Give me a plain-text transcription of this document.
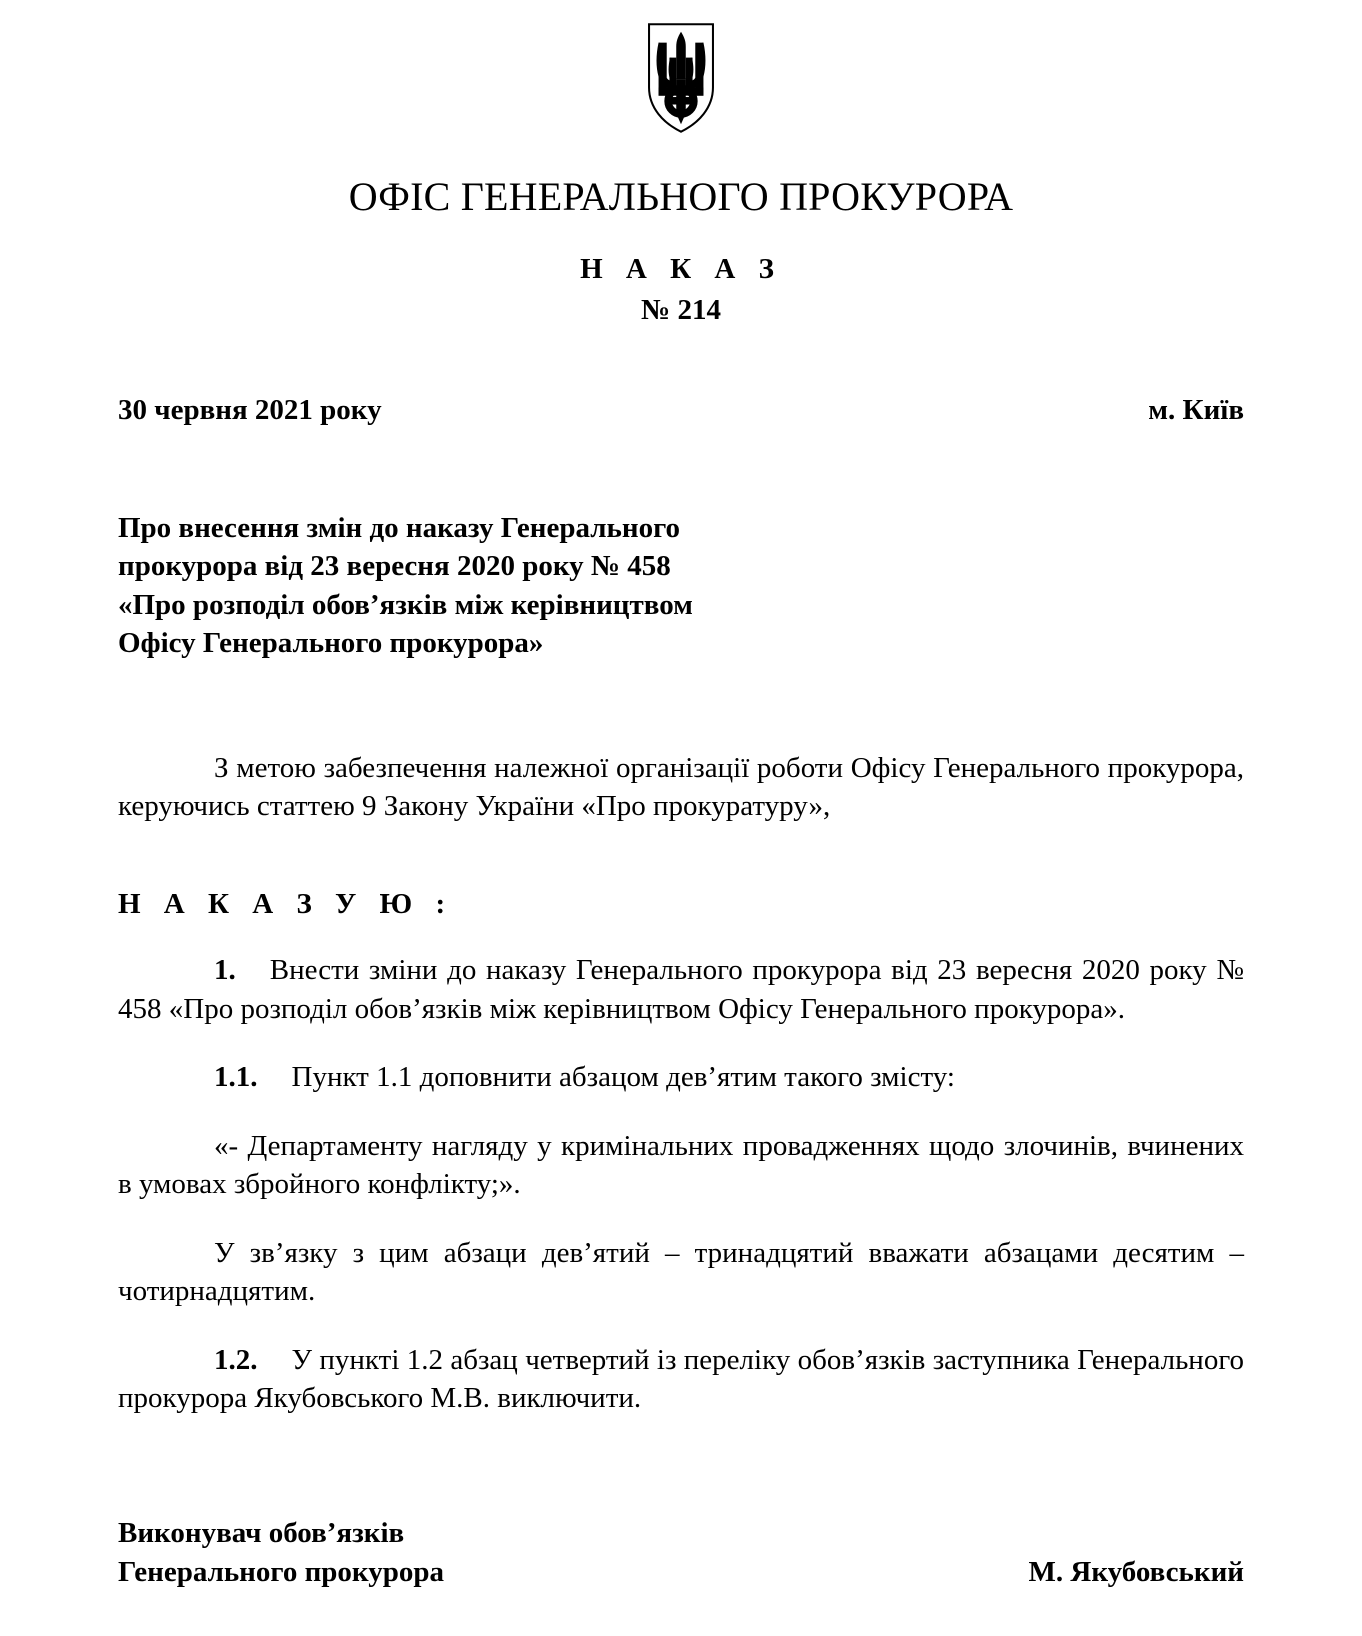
ОФІС ГЕНЕРАЛЬНОГО ПРОКУРОРА
Н А К А З
№ 214
30 червня 2021 року	м. Київ
Про внесення змін до наказу Генерального
прокурора від 23 вересня 2020 року № 458
«Про розподіл обов’язків між керівництвом
Офісу Генерального прокурора»
З метою забезпечення належної організації роботи Офісу Генерального прокурора, керуючись статтею 9 Закону України «Про прокуратуру»,
Н А К А З У Ю :
1. Внести зміни до наказу Генерального прокурора від 23 вересня 2020 року № 458 «Про розподіл обов’язків між керівництвом Офісу Генерального прокурора».
1.1. Пункт 1.1 доповнити абзацом дев’ятим такого змісту:
«- Департаменту нагляду у кримінальних провадженнях щодо злочинів, вчинених в умовах збройного конфлікту;».
У зв’язку з цим абзаци дев’ятий – тринадцятий вважати абзацами десятим – чотирнадцятим.
1.2. У пункті 1.2 абзац четвертий із переліку обов’язків заступника Генерального прокурора Якубовського М.В. виключити.
Виконувач обов’язків
Генерального прокурора	М. Якубовський
